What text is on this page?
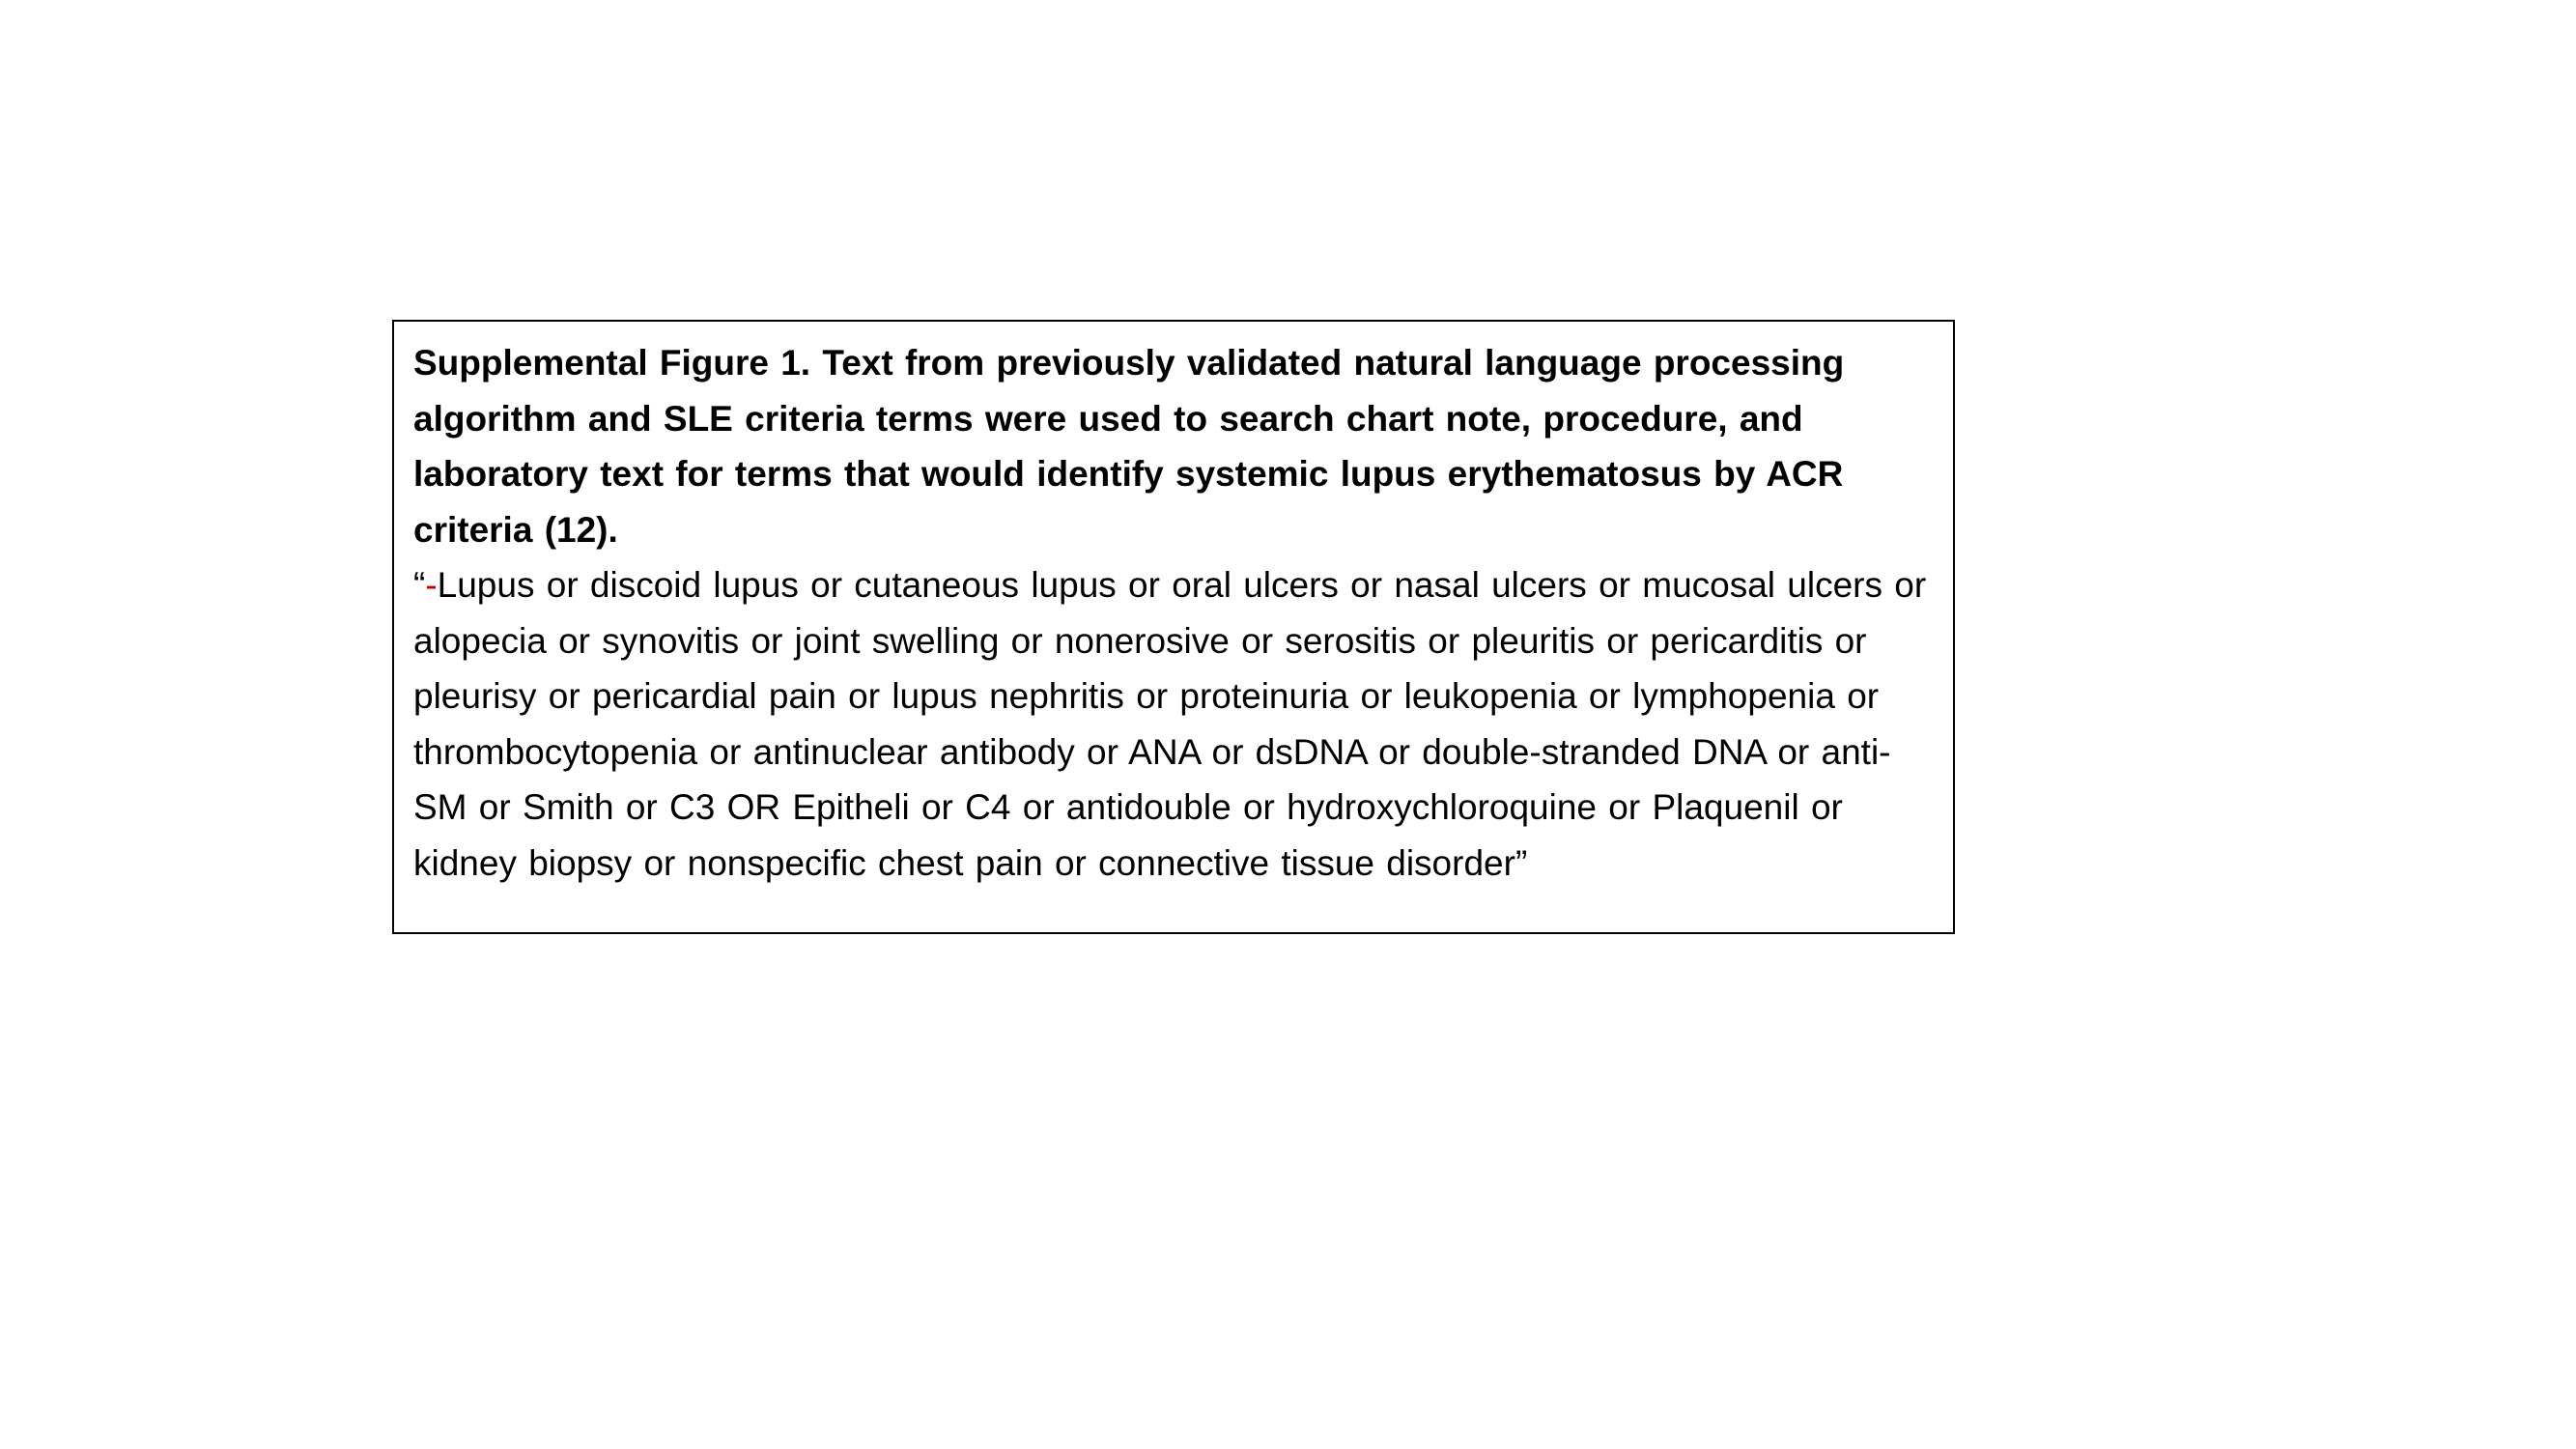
Supplemental Figure 1. Text from previously validated natural language processing algorithm and SLE criteria terms were used to search chart note, procedure, and laboratory text for terms that would identify systemic lupus erythematosus by ACR criteria (12).

“-Lupus or discoid lupus or cutaneous lupus or oral ulcers or nasal ulcers or mucosal ulcers or alopecia or synovitis or joint swelling or nonerosive or serositis or pleuritis or pericarditis or pleurisy or pericardial pain or lupus nephritis or proteinuria or leukopenia or lymphopenia or thrombocytopenia or antinuclear antibody or ANA or dsDNA or double-stranded DNA or anti-SM or Smith or C3 OR Epitheli or C4 or antidouble or hydroxychloroquine or Plaquenil or kidney biopsy or nonspecific chest pain or connective tissue disorder”
